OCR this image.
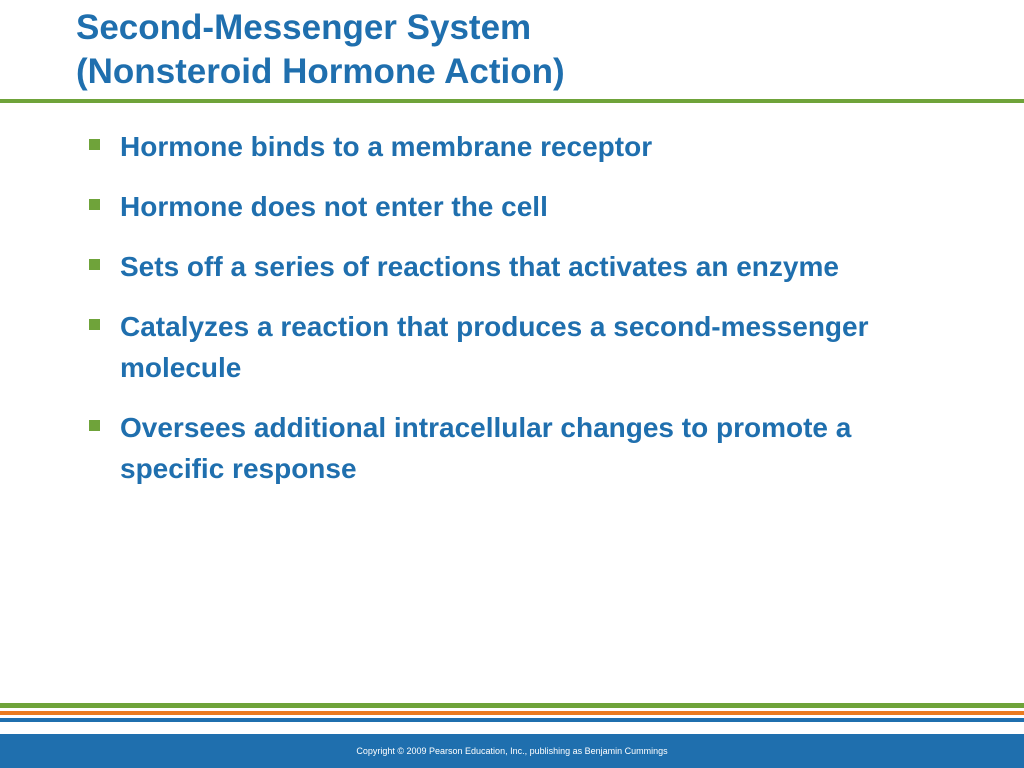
Second-Messenger System
(Nonsteroid Hormone Action)
Hormone binds to a membrane receptor
Hormone does not enter the cell
Sets off a series of reactions that activates an enzyme
Catalyzes a reaction that produces a second-messenger molecule
Oversees additional intracellular changes to promote a specific response
Copyright © 2009 Pearson Education, Inc., publishing as Benjamin Cummings
